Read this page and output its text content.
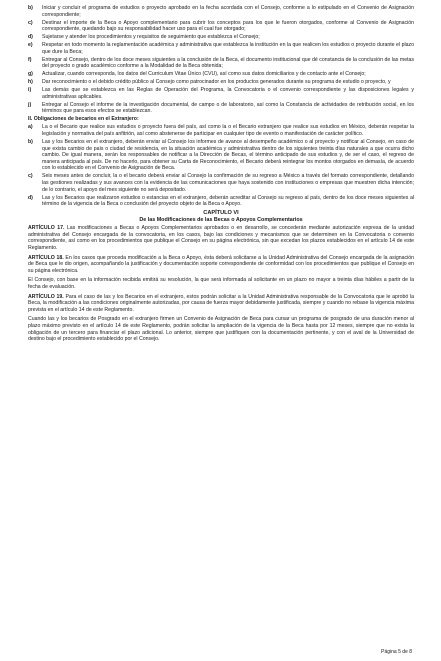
b)	Iniciar y concluir el programa de estudios o proyecto aprobado en la fecha acordada con el Consejo, conforme a lo estipulado en el Convenio de Asignación correspondiente;
c)	Destinar el importe de la Beca o Apoyo complementario para cubrir los conceptos para los que le fueron otorgados, conforme al Convenio de Asignación correspondiente, quedando bajo su responsabilidad hacer uso para el cual fue otorgado;
d)	Sujetarse y atender los procedimientos y requisitos de seguimiento que establezca el Consejo;
e)	Respetar en todo momento la reglamentación académica y administrativa que establezca la institución en la que realicen los estudios o proyecto durante el plazo que dure la Beca;
f)	Entregar al Consejo, dentro de los doce meses siguientes a la conclusión de la Beca, el documento institucional que dé constancia de la conclusión de las metas del proyecto o grado académico conforme a la Modalidad de la Beca obtenida;
g)	Actualizar, cuando corresponda, los datos del Curriculum Vitae Único (CVU), así como sus datos domiciliarios y de contacto ante el Consejo;
h)	Dar reconocimiento o el debido crédito público al Consejo como patrocinador en los productos generados durante su programa de estudio o proyecto, y
i)	Las demás que se establezca en las Reglas de Operación del Programa, la Convocatoria o el convenio correspondiente y las disposiciones legales y administrativas aplicables.
j)	Entregar al Consejo el informe de la investigación documental, de campo o de laboratorio, así como la Constancia de actividades de retribución social, en los términos que para esos efectos se establezcan.
II. Obligaciones de becarios en el Extranjero:
a)	La o el Becario que realice sus estudios o proyecto fuera del país, así como la o el Becario extranjero que realice sus estudios en México, deberán respetar la legislación y normativa del país anfitrión, así como abstenerse de participar en cualquier tipo de evento o manifestación de carácter político.
b)	Las y los Becarios en el extranjero, deberán enviar al Consejo los informes de avance al desempeño académico o al proyecto y notificar al Consejo, en caso de que exista cambio de país o ciudad de residencia, en la situación académica y administrativa dentro de los siguientes treinta días naturales a que ocurra dicho cambio. De igual manera, serán los responsables de notificar a la Dirección de Becas, el término anticipado de sus estudios y, de ser el caso, el regreso de manera anticipada al país. De no hacerlo, para obtener su Carta de Reconocimiento, el Becario deberá reintegrar los montos otorgados en demasía, de acuerdo con lo establecido en el Convenio de Asignación de Beca.
c)	Seis meses antes de concluir, la o el becario deberá enviar al Consejo la confirmación de su regreso a México a través del formato correspondiente, detallando las gestiones realizadas y sus avances con la evidencia de las comunicaciones que haya sostenido con instituciones o empresas que muestren dicha intención; de lo contrario, el apoyo del mes siguiente no será depositado.
d)	Las y los Becarios que realizaron estudios o estancias en el extranjero, deberán acreditar al Consejo su regreso al país, dentro de los doce meses siguientes al término de la vigencia de la Beca o conclusión del proyecto objeto de la Beca o Apoyo.
CAPÍTULO VI
De las Modificaciones de las Becas o Apoyos Complementarios

ARTÍCULO 17. Las modificaciones a Becas o Apoyos Complementarios aprobados o en desarrollo, se concederán mediante autorización expresa de la unidad administrativa del Consejo encargada de la convocatoria, en los casos, bajo las condiciones y mecanismos que se determinen en la Convocatoria o convenio correspondiente, así como en los procedimientos que publique el Consejo en su página electrónica, sin que excedan los plazos establecidos en el artículo 14 de este Reglamento.

ARTÍCULO 18. En los casos que proceda modificación a la Beca o Apoyo, ésta deberá solicitarse a la Unidad Administrativa del Consejo encargada de la asignación de Beca que le dio origen, acompañando la justificación y documentación soporte correspondiente de conformidad con los procedimientos que publique el Consejo en su página electrónica.

El Consejo, con base en la información recibida emitirá su resolución, la que será informada al solicitante en un plazo no mayor a treinta días hábiles a partir de la fecha de evaluación.

ARTÍCULO 19. Para el caso de las y los Becarios en el extranjero, estos podrán solicitar a la Unidad Administrativa responsable de la Convocatoria que le aprobó la Beca, la modificación a las condiciones originalmente autorizadas, por causa de fuerza mayor debidamente justificada, siempre y cuando no rebase la vigencia máxima prevista en el artículo 14 de este Reglamento.

Cuando las y los becarios de Posgrado en el extranjero firmen un Convenio de Asignación de Beca para cursar un programa de posgrado de una duración menor al plazo máximo previsto en el artículo 14 de este Reglamento, podrán solicitar la ampliación de la vigencia de la Beca hasta por 12 meses, siempre que no exista la obligación de un tercero para financiar el plazo adicional. Lo anterior, siempre que justifiquen con la documentación pertinente, y con el aval de la Universidad de destino bajo el procedimiento establecido por el Consejo.

Página 5 de 8
